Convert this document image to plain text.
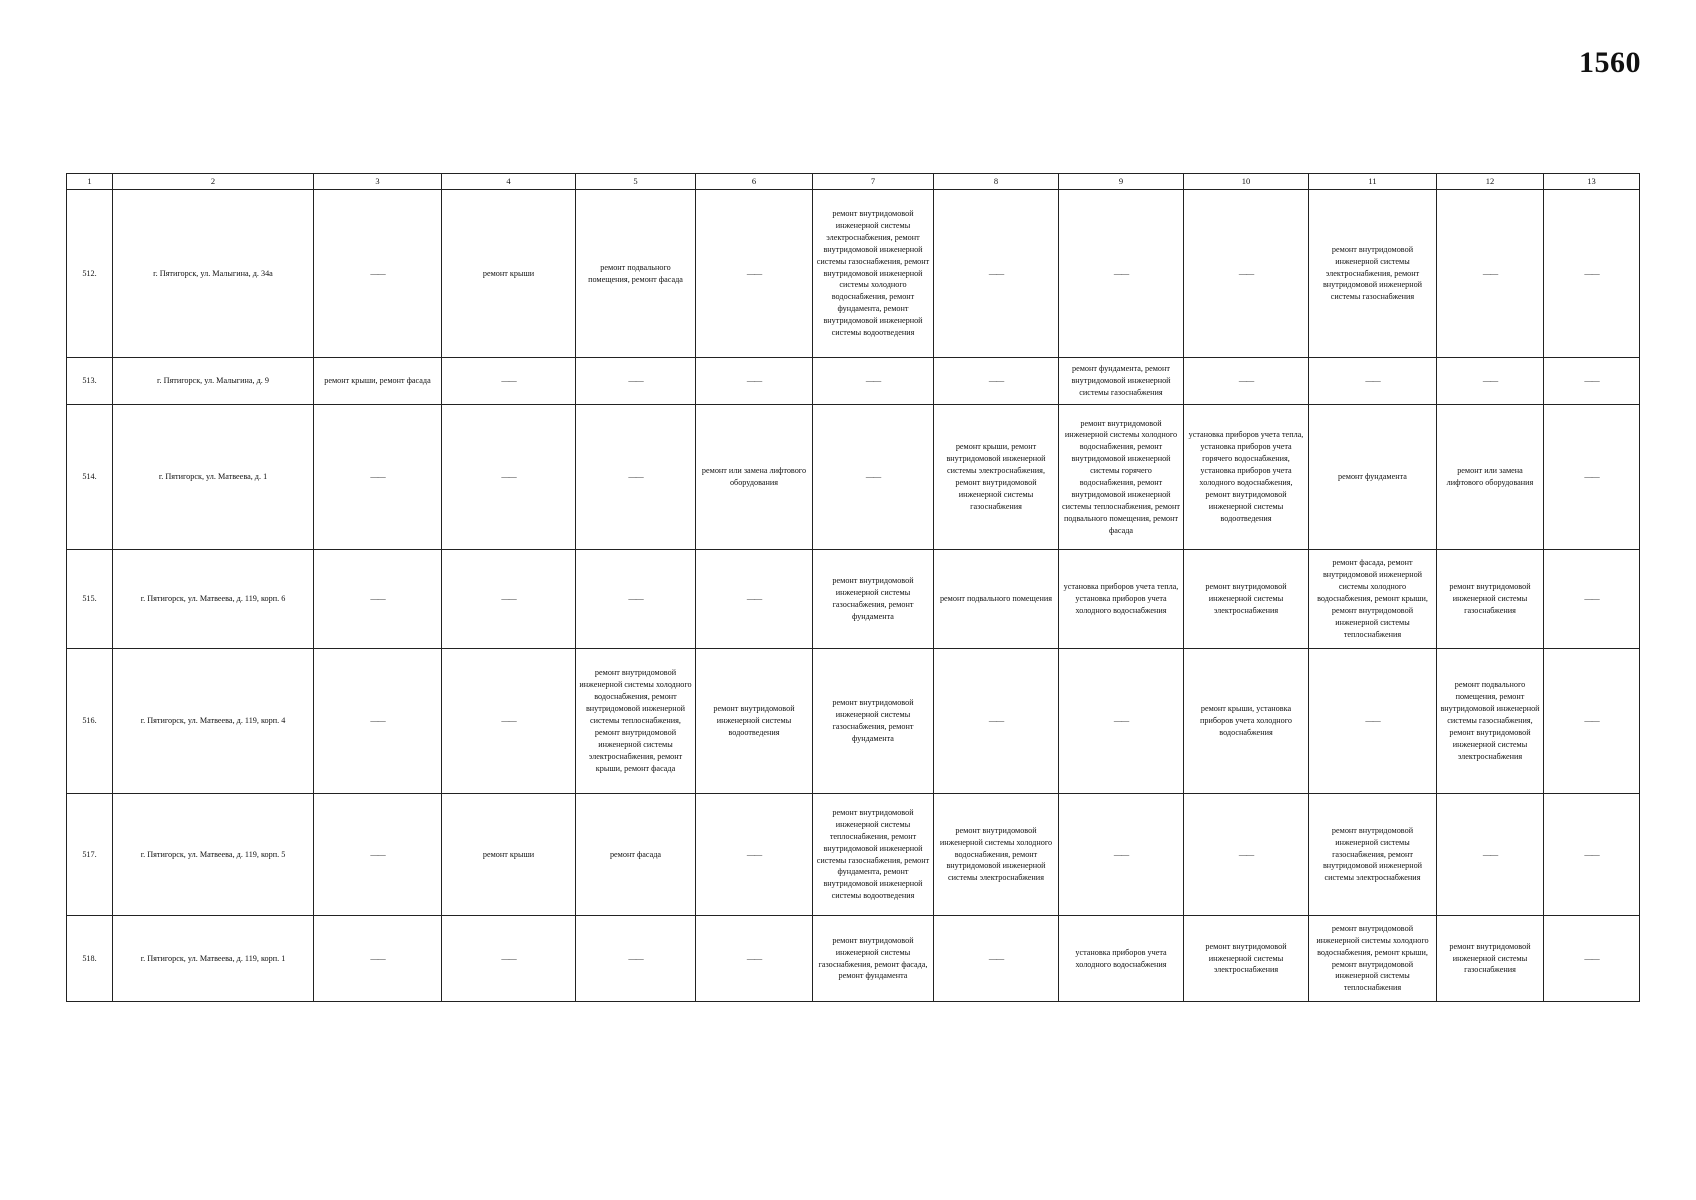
1560
1	2	3	4	5	6	7	8	9	10	11	12	13
512.	г. Пятигорск, ул. Малыгина, д. 34а	——	ремонт крыши	ремонт подвального помещения, ремонт фасада	——	ремонт внутридомовой инженерной системы электроснабжения, ремонт внутридомовой инженерной системы газоснабжения, ремонт внутридомовой инженерной системы холодного водоснабжения, ремонт фундамента, ремонт внутридомовой инженерной системы водоотведения	——	——	——	ремонт внутридомовой инженерной системы электроснабжения, ремонт внутридомовой инженерной системы газоснабжения	——	——
513.	г. Пятигорск, ул. Малыгина, д. 9	ремонт крыши, ремонт фасада	——	——	——	——	——	ремонт фундамента, ремонт внутридомовой инженерной системы газоснабжения	——	——	——	——
514.	г. Пятигорск, ул. Матвеева, д. 1	——	——	——	ремонт или замена лифтового оборудования	——	ремонт крыши, ремонт внутридомовой инженерной системы электроснабжения, ремонт внутридомовой инженерной системы газоснабжения	ремонт внутридомовой инженерной системы холодного водоснабжения, ремонт внутридомовой инженерной системы горячего водоснабжения, ремонт внутридомовой инженерной системы теплоснабжения, ремонт подвального помещения, ремонт фасада	установка приборов учета тепла, установка приборов учета горячего водоснабжения, установка приборов учета холодного водоснабжения, ремонт внутридомовой инженерной системы водоотведения	ремонт фундамента	ремонт или замена лифтового оборудования	——
515.	г. Пятигорск, ул. Матвеева, д. 119, корп. 6	——	——	——	——	ремонт внутридомовой инженерной системы газоснабжения, ремонт фундамента	ремонт подвального помещения	установка приборов учета тепла, установка приборов учета холодного водоснабжения	ремонт внутридомовой инженерной системы электроснабжения	ремонт фасада, ремонт внутридомовой инженерной системы холодного водоснабжения, ремонт крыши, ремонт внутридомовой инженерной системы теплоснабжения	ремонт внутридомовой инженерной системы газоснабжения	——
516.	г. Пятигорск, ул. Матвеева, д. 119, корп. 4	——	——	ремонт внутридомовой инженерной системы холодного водоснабжения, ремонт внутридомовой инженерной системы теплоснабжения, ремонт внутридомовой инженерной системы электроснабжения, ремонт крыши, ремонт фасада	ремонт внутридомовой инженерной системы водоотведения	ремонт внутридомовой инженерной системы газоснабжения, ремонт фундамента	——	——	ремонт крыши, установка приборов учета холодного водоснабжения	——	ремонт подвального помещения, ремонт внутридомовой инженерной системы газоснабжения, ремонт внутридомовой инженерной системы электроснабжения	——
517.	г. Пятигорск, ул. Матвеева, д. 119, корп. 5	——	ремонт крыши	ремонт фасада	——	ремонт внутридомовой инженерной системы теплоснабжения, ремонт внутридомовой инженерной системы газоснабжения, ремонт фундамента, ремонт внутридомовой инженерной системы водоотведения	ремонт внутридомовой инженерной системы холодного водоснабжения, ремонт внутридомовой инженерной системы электроснабжения	——	——	ремонт внутридомовой инженерной системы газоснабжения, ремонт внутридомовой инженерной системы электроснабжения	——	——
518.	г. Пятигорск, ул. Матвеева, д. 119, корп. 1	——	——	——	——	ремонт внутридомовой инженерной системы газоснабжения, ремонт фасада, ремонт фундамента	——	установка приборов учета холодного водоснабжения	ремонт внутридомовой инженерной системы электроснабжения	ремонт внутридомовой инженерной системы холодного водоснабжения, ремонт крыши, ремонт внутридомовой инженерной системы теплоснабжения	ремонт внутридомовой инженерной системы газоснабжения	——
